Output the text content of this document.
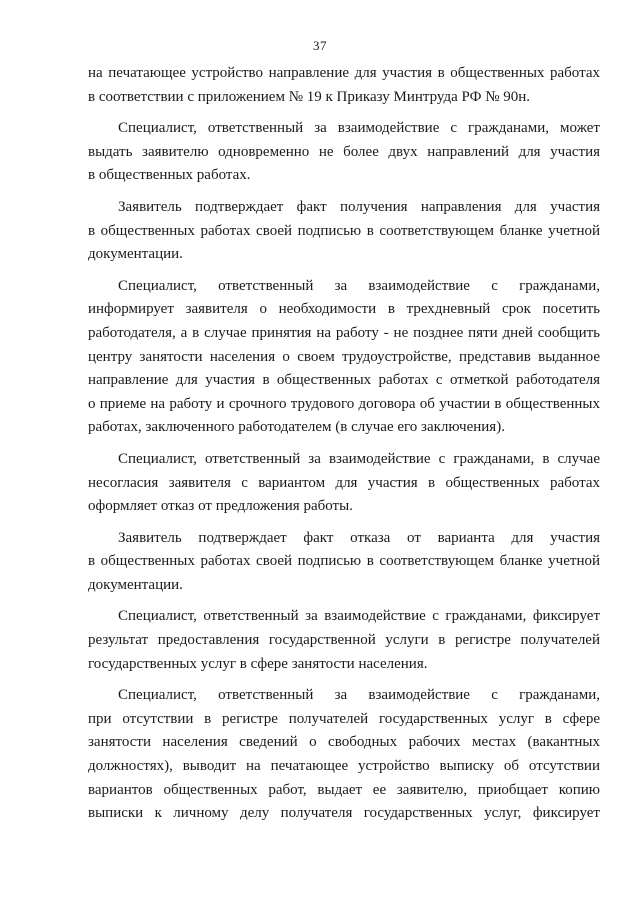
37

на печатающее устройство направление для участия в общественных работах
в соответствии с приложением № 19 к Приказу Минтруда РФ № 90н.

Специалист, ответственный за взаимодействие с гражданами, может
выдать заявителю одновременно не более двух направлений для участия
в общественных работах.

Заявитель подтверждает факт получения направления для участия
в общественных работах своей подписью в соответствующем бланке учетной
документации.

Специалист, ответственный за взаимодействие с гражданами,
информирует заявителя о необходимости в трехдневный срок посетить
работодателя, а в случае принятия на работу - не позднее пяти дней сообщить
центру занятости населения о своем трудоустройстве, представив выданное
направление для участия в общественных работах с отметкой работодателя
о приеме на работу и срочного трудового договора об участии в общественных
работах, заключенного работодателем (в случае его заключения).

Специалист, ответственный за взаимодействие с гражданами, в случае
несогласия заявителя с вариантом для участия в общественных работах
оформляет отказ от предложения работы.

Заявитель подтверждает факт отказа от варианта для участия
в общественных работах своей подписью в соответствующем бланке учетной
документации.

Специалист, ответственный за взаимодействие с гражданами, фиксирует
результат предоставления государственной услуги в регистре получателей
государственных услуг в сфере занятости населения.

Специалист, ответственный за взаимодействие с гражданами,
при отсутствии в регистре получателей государственных услуг в сфере
занятости населения сведений о свободных рабочих местах (вакантных
должностях), выводит на печатающее устройство выписку об отсутствии
вариантов общественных работ, выдает ее заявителю, приобщает копию
выписки к личному делу получателя государственных услуг, фиксирует
